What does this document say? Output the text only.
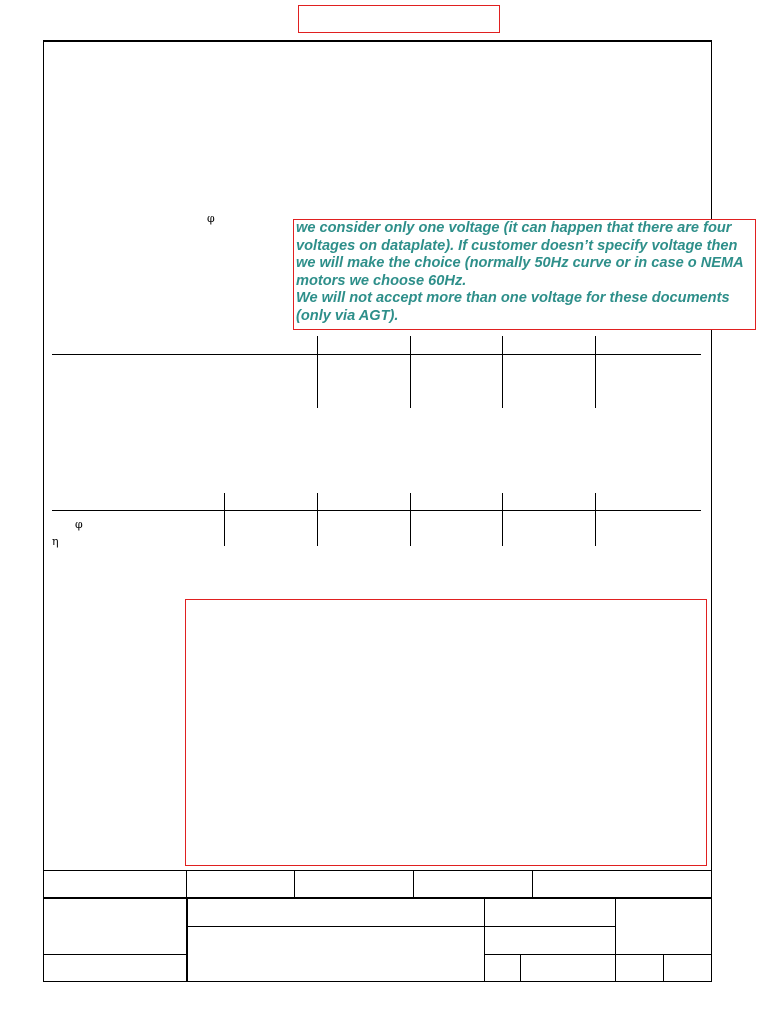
φ
φ
η
we consider only one voltage (it can happen that there are four voltages on dataplate). If customer doesn’t specify voltage then we will make the choice (normally 50Hz curve or in case o NEMA motors we choose 60Hz.
We will not accept more than one voltage for these documents (only via AGT).
